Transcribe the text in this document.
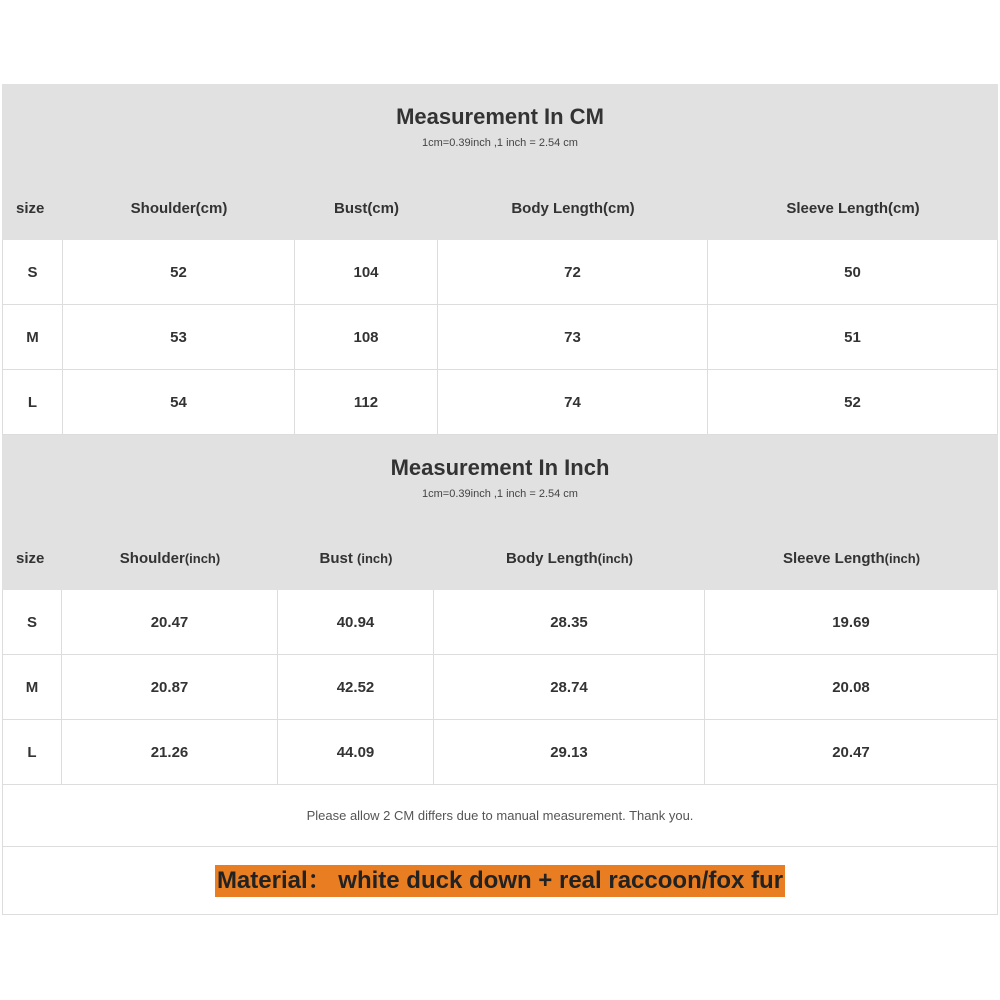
Measurement In CM
1cm=0.39inch ,1 inch = 2.54 cm
size	Shoulder(cm)	Bust(cm)	Body Length(cm)	Sleeve Length(cm)
S	52	104	72	50
M	53	108	73	51
L	54	112	74	52
Measurement In Inch
1cm=0.39inch ,1 inch = 2.54 cm
size	Shoulder (inch)	Bust (inch)	Body Length (inch)	Sleeve Length (inch)
S	20.47	40.94	28.35	19.69
M	20.87	42.52	28.74	20.08
L	21.26	44.09	29.13	20.47
Please allow 2 CM differs due to manual measurement. Thank you.
Material： white duck down + real raccoon/fox fur
